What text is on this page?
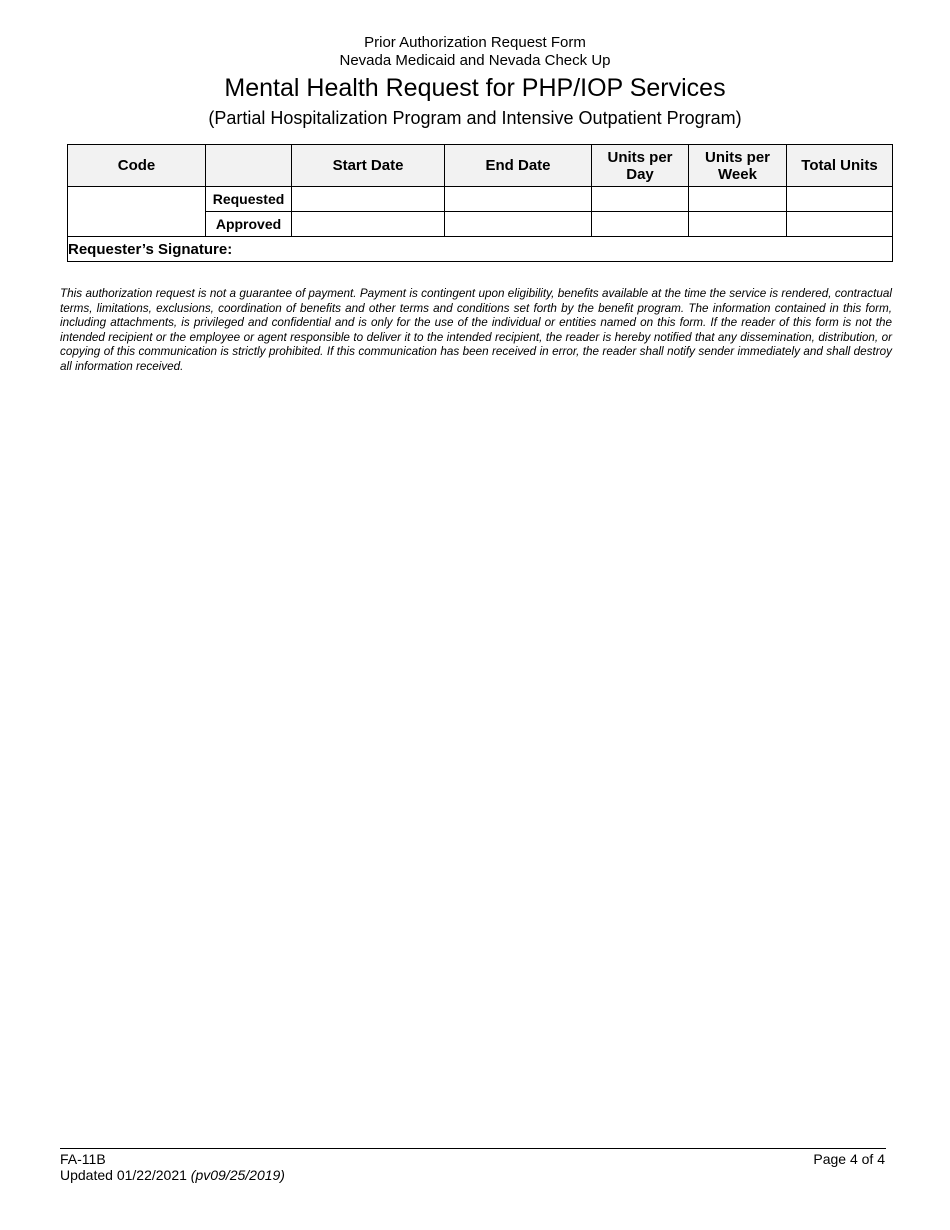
Prior Authorization Request Form
Nevada Medicaid and Nevada Check Up
Mental Health Request for PHP/IOP Services
(Partial Hospitalization Program and Intensive Outpatient Program)
Code		Start Date	End Date	Units per Day	Units per Week	Total Units

	Requested	

	Approved	

Requester’s Signature:						

This authorization request is not a guarantee of payment. Payment is contingent upon eligibility, benefits available at the time the service is rendered, contractual terms, limitations, exclusions, coordination of benefits and other terms and conditions set forth by the benefit program. The information contained in this form, including attachments, is privileged and confidential and is only for the use of the individual or entities named on this form. If the reader of this form is not the intended recipient or the employee or agent responsible to deliver it to the intended recipient, the reader is hereby notified that any dissemination, distribution, or copying of this communication is strictly prohibited. If this communication has been received in error, the reader shall notify sender immediately and shall destroy all information received.

FA-11B
Updated 01/22/2021 (pv09/25/2019)
Page 4 of 4
